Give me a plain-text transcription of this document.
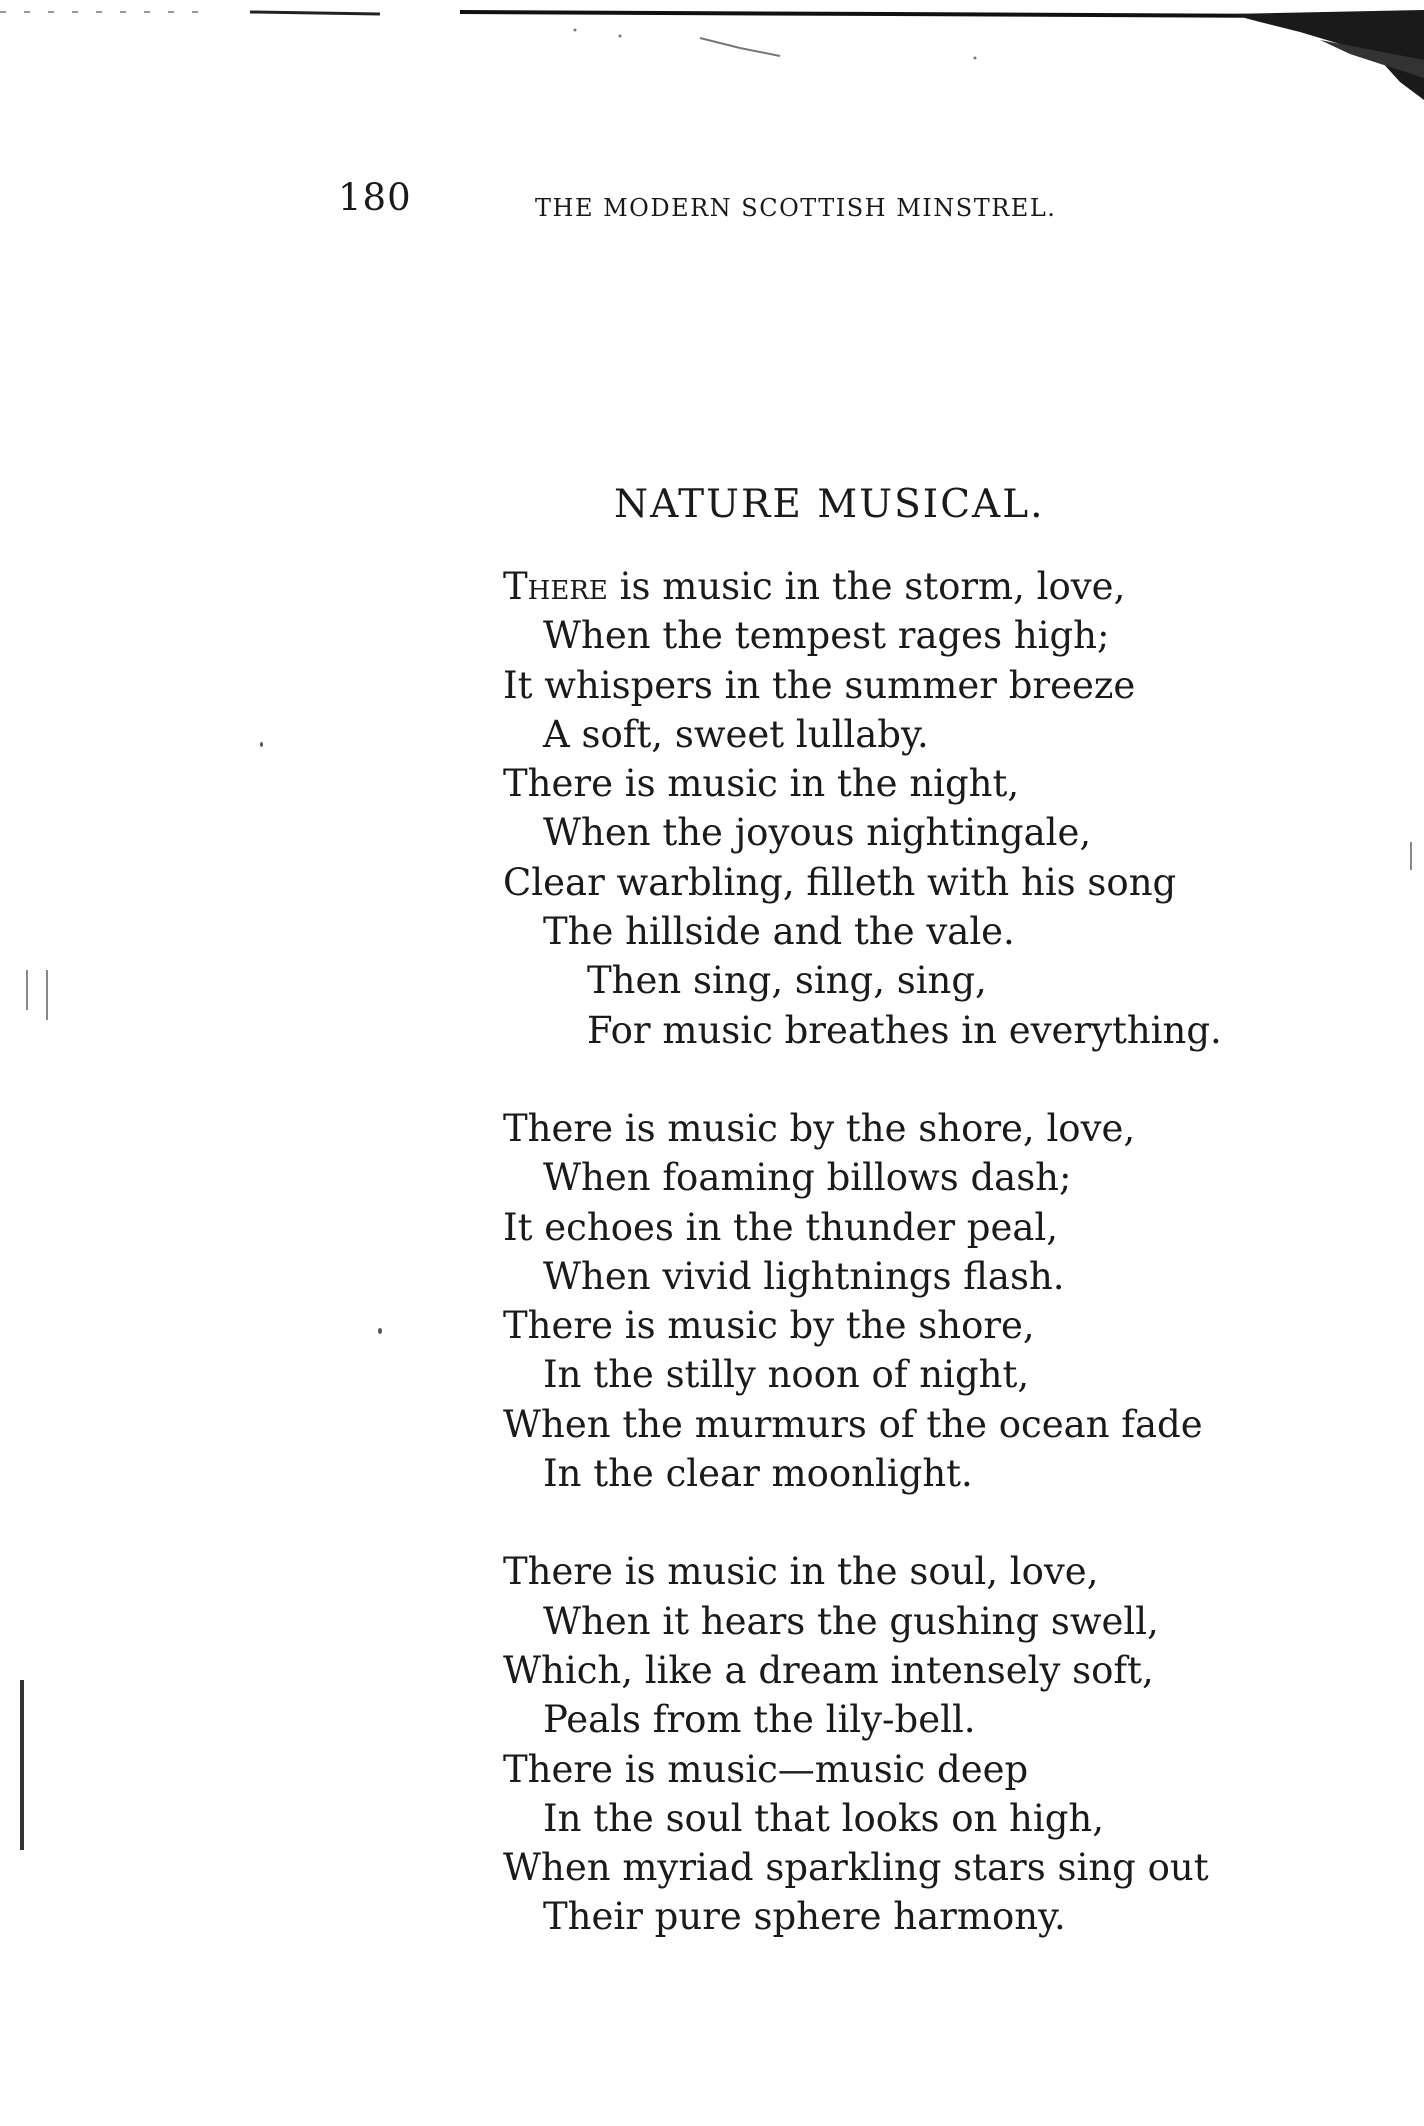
180	THE MODERN SCOTTISH MINSTREL.
NATURE MUSICAL.
There is music in the storm, love,
When the tempest rages high;
It whispers in the summer breeze
A soft, sweet lullaby.
There is music in the night,
When the joyous nightingale,
Clear warbling, filleth with his song
The hillside and the vale.
Then sing, sing, sing,
For music breathes in everything.
There is music by the shore, love,
When foaming billows dash;
It echoes in the thunder peal,
When vivid lightnings flash.
There is music by the shore,
In the stilly noon of night,
When the murmurs of the ocean fade
In the clear moonlight.
There is music in the soul, love,
When it hears the gushing swell,
Which, like a dream intensely soft,
Peals from the lily-bell.
There is music—music deep
In the soul that looks on high,
When myriad sparkling stars sing out
Their pure sphere harmony.
